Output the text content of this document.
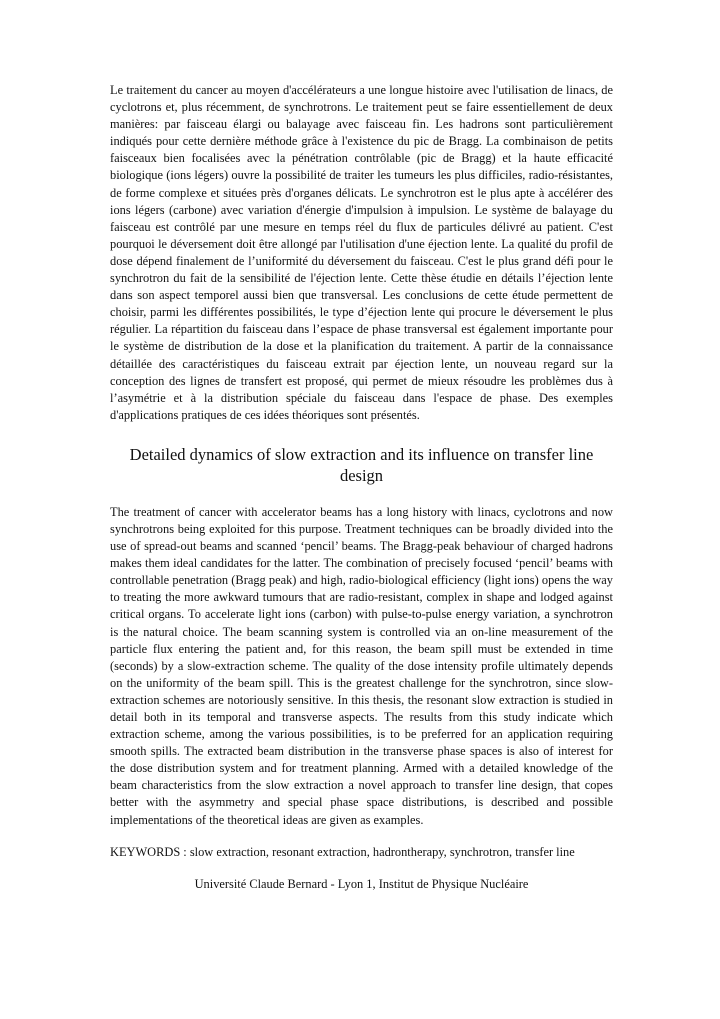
Le traitement du cancer au moyen d'accélérateurs a une longue histoire avec l'utilisation de linacs, de cyclotrons et, plus récemment, de synchrotrons. Le traitement peut se faire essentiellement de deux manières: par faisceau élargi ou balayage avec faisceau fin. Les hadrons sont particulièrement indiqués pour cette dernière méthode grâce à l'existence du pic de Bragg. La combinaison de petits faisceaux bien focalisées avec la pénétration contrôlable (pic de Bragg) et la haute efficacité biologique (ions légers) ouvre la possibilité de traiter les tumeurs les plus difficiles, radio-résistantes, de forme complexe et situées près d'organes délicats. Le synchrotron est le plus apte à accélérer des ions légers (carbone) avec variation d'énergie d'impulsion à impulsion. Le système de balayage du faisceau est contrôlé par une mesure en temps réel du flux de particules délivré au patient. C'est pourquoi le déversement doit être allongé par l'utilisation d'une éjection lente. La qualité du profil de dose dépend finalement de l’uniformité du déversement du faisceau. C'est le plus grand défi pour le synchrotron du fait de la sensibilité de l'éjection lente. Cette thèse étudie en détails l’éjection lente dans son aspect temporel aussi bien que transversal. Les conclusions de cette étude permettent de choisir, parmi les différentes possibilités, le type d’éjection lente qui procure le déversement le plus régulier. La répartition du faisceau dans l’espace de phase transversal est également importante pour le système de distribution de la dose et la planification du traitement. A partir de la connaissance détaillée des caractéristiques du faisceau extrait par éjection lente, un nouveau regard sur la conception des lignes de transfert est proposé, qui permet de mieux résoudre les problèmes dus à l’asymétrie et à la distribution spéciale du faisceau dans l'espace de phase. Des exemples d'applications pratiques de ces idées théoriques sont présentés.

Detailed dynamics of slow extraction and its influence on transfer line design

The treatment of cancer with accelerator beams has a long history with linacs, cyclotrons and now synchrotrons being exploited for this purpose. Treatment techniques can be broadly divided into the use of spread-out beams and scanned ‘pencil’ beams. The Bragg-peak behaviour of charged hadrons makes them ideal candidates for the latter. The combination of precisely focused ‘pencil’ beams with controllable penetration (Bragg peak) and high, radio-biological efficiency (light ions) opens the way to treating the more awkward tumours that are radio-resistant, complex in shape and lodged against critical organs. To accelerate light ions (carbon) with pulse-to-pulse energy variation, a synchrotron is the natural choice. The beam scanning system is controlled via an on-line measurement of the particle flux entering the patient and, for this reason, the beam spill must be extended in time (seconds) by a slow-extraction scheme. The quality of the dose intensity profile ultimately depends on the uniformity of the beam spill. This is the greatest challenge for the synchrotron, since slow-extraction schemes are notoriously sensitive. In this thesis, the resonant slow extraction is studied in detail both in its temporal and transverse aspects. The results from this study indicate which extraction scheme, among the various possibilities, is to be preferred for an application requiring smooth spills. The extracted beam distribution in the transverse phase spaces is also of interest for the dose distribution system and for treatment planning. Armed with a detailed knowledge of the beam characteristics from the slow extraction a novel approach to transfer line design, that copes better with the asymmetry and special phase space distributions, is described and possible implementations of the theoretical ideas are given as examples.

KEYWORDS : slow extraction, resonant extraction, hadrontherapy, synchrotron, transfer line

Université Claude Bernard - Lyon 1, Institut de Physique Nucléaire
